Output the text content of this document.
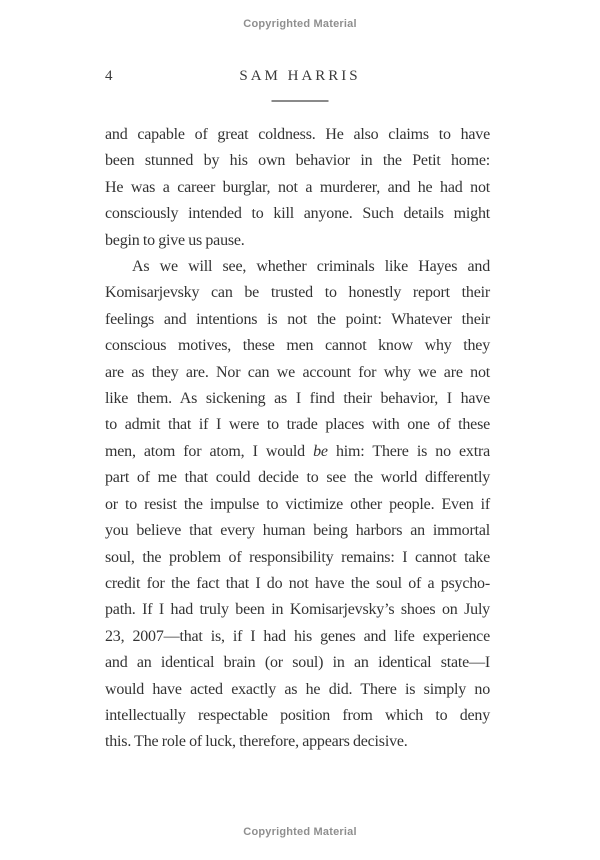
Copyrighted Material
4	SAM HARRIS
and capable of great coldness. He also claims to have
been stunned by his own behavior in the Petit home:
He was a career burglar, not a murderer, and he had not
consciously intended to kill anyone. Such details might
begin to give us pause.
As we will see, whether criminals like Hayes and
Komisarjevsky can be trusted to honestly report their
feelings and intentions is not the point: Whatever their
conscious motives, these men cannot know why they
are as they are. Nor can we account for why we are not
like them. As sickening as I find their behavior, I have
to admit that if I were to trade places with one of these
men, atom for atom, I would be him: There is no extra
part of me that could decide to see the world differently
or to resist the impulse to victimize other people. Even if
you believe that every human being harbors an immortal
soul, the problem of responsibility remains: I cannot take
credit for the fact that I do not have the soul of a psycho-
path. If I had truly been in Komisarjevsky’s shoes on July
23, 2007—that is, if I had his genes and life experience
and an identical brain (or soul) in an identical state—I
would have acted exactly as he did. There is simply no
intellectually respectable position from which to deny
this. The role of luck, therefore, appears decisive.
Copyrighted Material
